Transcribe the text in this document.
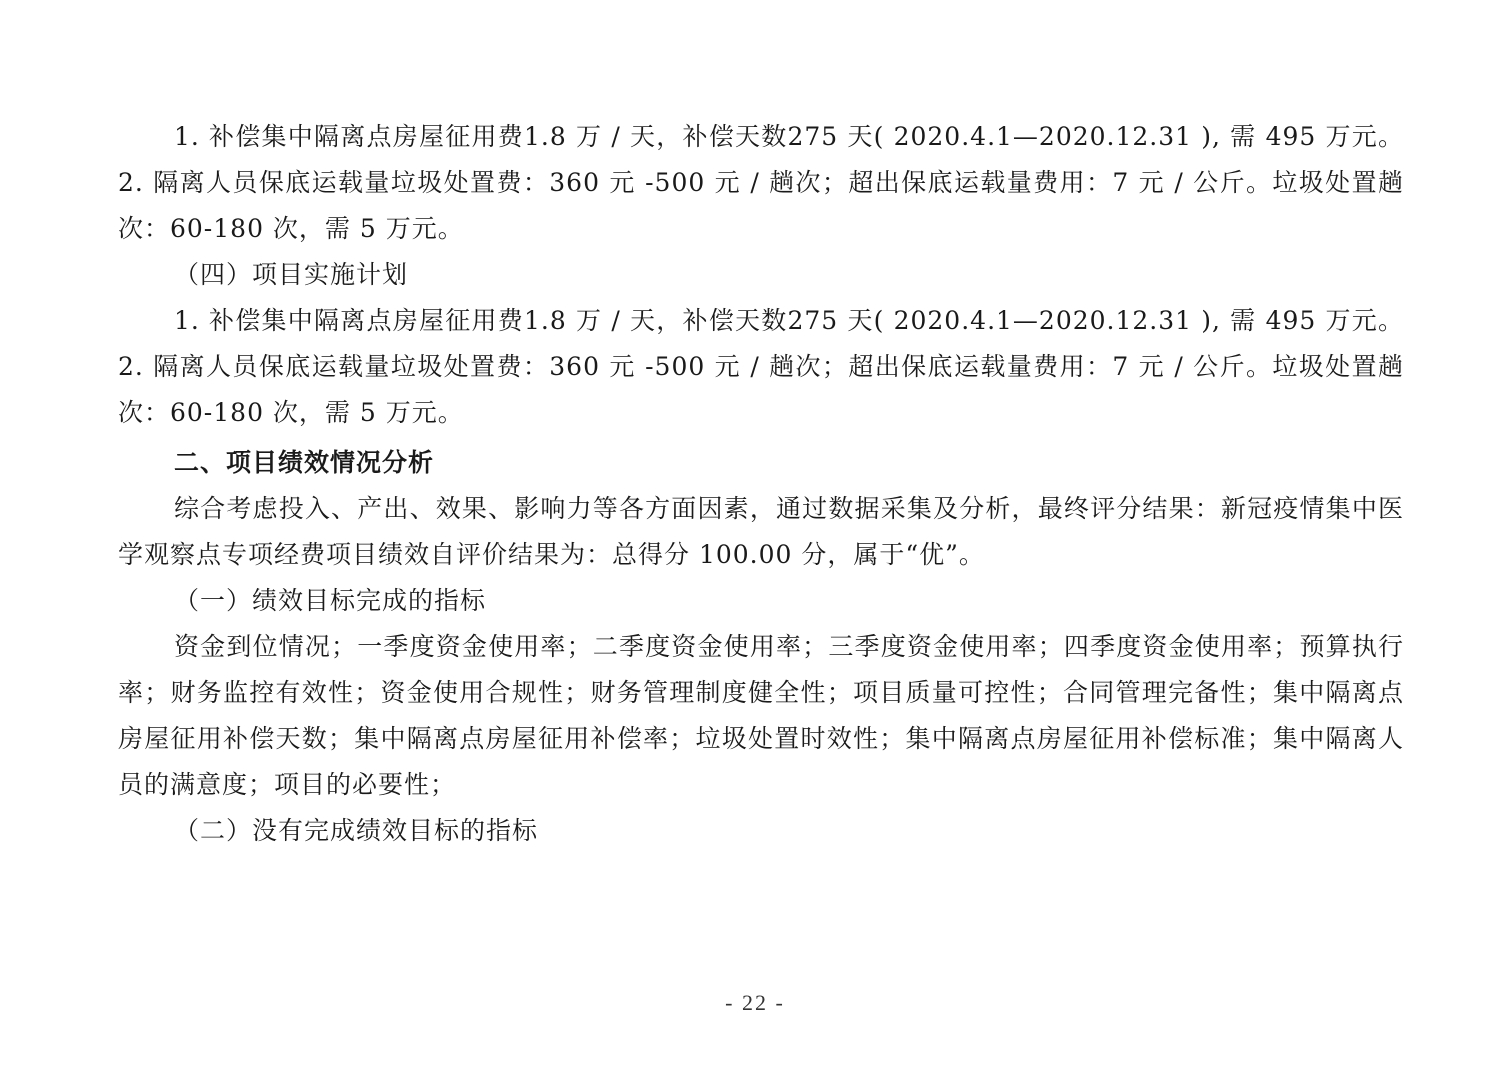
1. 补偿集中隔离点房屋征用费1.8 万 / 天，补偿天数275 天( 2020.4.1—2020.12.31 ), 需 495 万元。2. 隔离人员保底运载量垃圾处置费：360 元 -500 元 / 趟次；超出保底运载量费用：7 元 / 公斤。垃圾处置趟次：60-180 次，需 5 万元。

（四）项目实施计划

1. 补偿集中隔离点房屋征用费1.8 万 / 天，补偿天数275 天( 2020.4.1—2020.12.31 ), 需 495 万元。2. 隔离人员保底运载量垃圾处置费：360 元 -500 元 / 趟次；超出保底运载量费用：7 元 / 公斤。垃圾处置趟次：60-180 次，需 5 万元。

二、项目绩效情况分析

综合考虑投入、产出、效果、影响力等各方面因素，通过数据采集及分析，最终评分结果：新冠疫情集中医学观察点专项经费项目绩效自评价结果为：总得分 100.00 分，属于“优”。

（一）绩效目标完成的指标

资金到位情况；一季度资金使用率；二季度资金使用率；三季度资金使用率；四季度资金使用率；预算执行率；财务监控有效性；资金使用合规性；财务管理制度健全性；项目质量可控性；合同管理完备性；集中隔离点房屋征用补偿天数；集中隔离点房屋征用补偿率；垃圾处置时效性；集中隔离点房屋征用补偿标准；集中隔离人员的满意度；项目的必要性；

（二）没有完成绩效目标的指标

- 22 -
